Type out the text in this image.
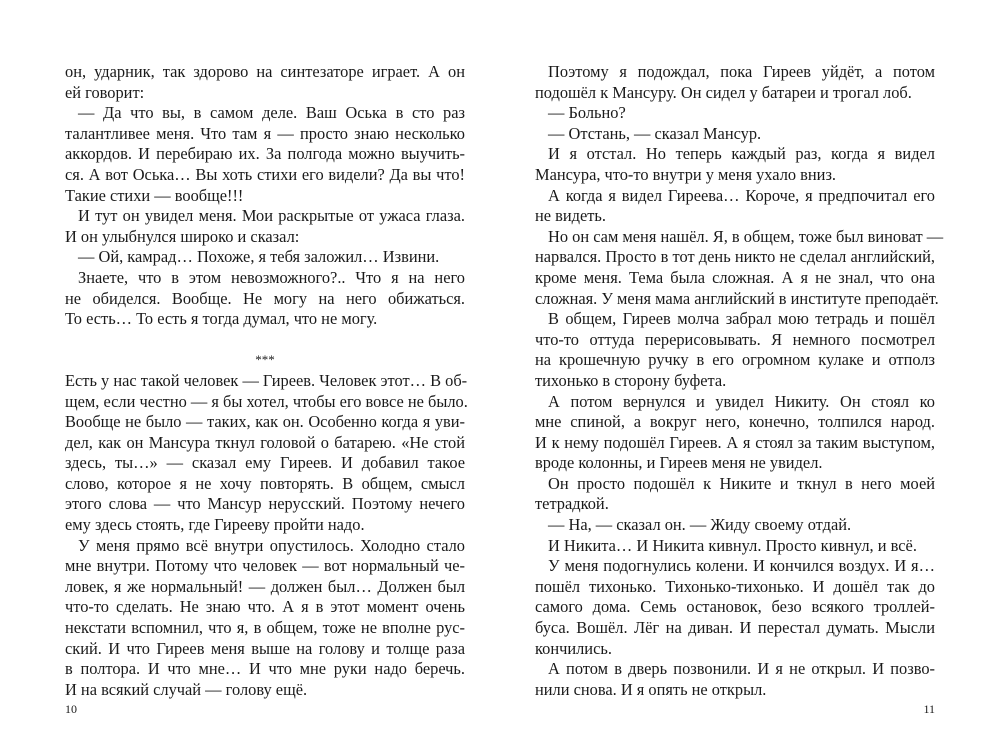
он, ударник, так здорово на синтезаторе играет. А он
ей говорит:
— Да что вы, в самом деле. Ваш Оська в сто раз
талантливее меня. Что там я — просто знаю несколько
аккордов. И перебираю их. За полгода можно выучить-
ся. А вот Оська… Вы хоть стихи его видели? Да вы что!
Такие стихи — вообще!!!
И тут он увидел меня. Мои раскрытые от ужаса глаза.
И он улыбнулся широко и сказал:
— Ой, камрад… Похоже, я тебя заложил… Извини.
Знаете, что в этом невозможного?.. Что я на него
не обиделся. Вообще. Не могу на него обижаться.
То есть… То есть я тогда думал, что не могу.
***
Есть у нас такой человек — Гиреев. Человек этот… В об-
щем, если честно — я бы хотел, чтобы его вовсе не было.
Вообще не было — таких, как он. Особенно когда я уви-
дел, как он Мансура ткнул головой о батарею. «Не стой
здесь, ты…» — сказал ему Гиреев. И добавил такое
слово, которое я не хочу повторять. В общем, смысл
этого слова — что Мансур нерусский. Поэтому нечего
ему здесь стоять, где Гирееву пройти надо.
У меня прямо всё внутри опустилось. Холодно стало
мне внутри. Потому что человек — вот нормальный че-
ловек, я же нормальный! — должен был… Должен был
что-то сделать. Не знаю что. А я в этот момент очень
некстати вспомнил, что я, в общем, тоже не вполне рус-
ский. И что Гиреев меня выше на голову и толще раза
в полтора. И что мне… И что мне руки надо беречь.
И на всякий случай — голову ещё.
Поэтому я подождал, пока Гиреев уйдёт, а потом
подошёл к Мансуру. Он сидел у батареи и трогал лоб.
— Больно?
— Отстань, — сказал Мансур.
И я отстал. Но теперь каждый раз, когда я видел
Мансура, что-то внутри у меня ухало вниз.
А когда я видел Гиреева… Короче, я предпочитал его
не видеть.
Но он сам меня нашёл. Я, в общем, тоже был виноват —
нарвался. Просто в тот день никто не сделал английский,
кроме меня. Тема была сложная. А я не знал, что она
сложная. У меня мама английский в институте преподаёт.
В общем, Гиреев молча забрал мою тетрадь и пошёл
что-то оттуда перерисовывать. Я немного посмотрел
на крошечную ручку в его огромном кулаке и отполз
тихонько в сторону буфета.
А потом вернулся и увидел Никиту. Он стоял ко
мне спиной, а вокруг него, конечно, толпился народ.
И к нему подошёл Гиреев. А я стоял за таким выступом,
вроде колонны, и Гиреев меня не увидел.
Он просто подошёл к Никите и ткнул в него моей
тетрадкой.
— На, — сказал он. — Жиду своему отдай.
И Никита… И Никита кивнул. Просто кивнул, и всё.
У меня подогнулись колени. И кончился воздух. И я…
пошёл тихонько. Тихонько-тихонько. И дошёл так до
самого дома. Семь остановок, безо всякого троллей-
буса. Вошёл. Лёг на диван. И перестал думать. Мысли
кончились.
А потом в дверь позвонили. И я не открыл. И позво-
нили снова. И я опять не открыл.
10	11
